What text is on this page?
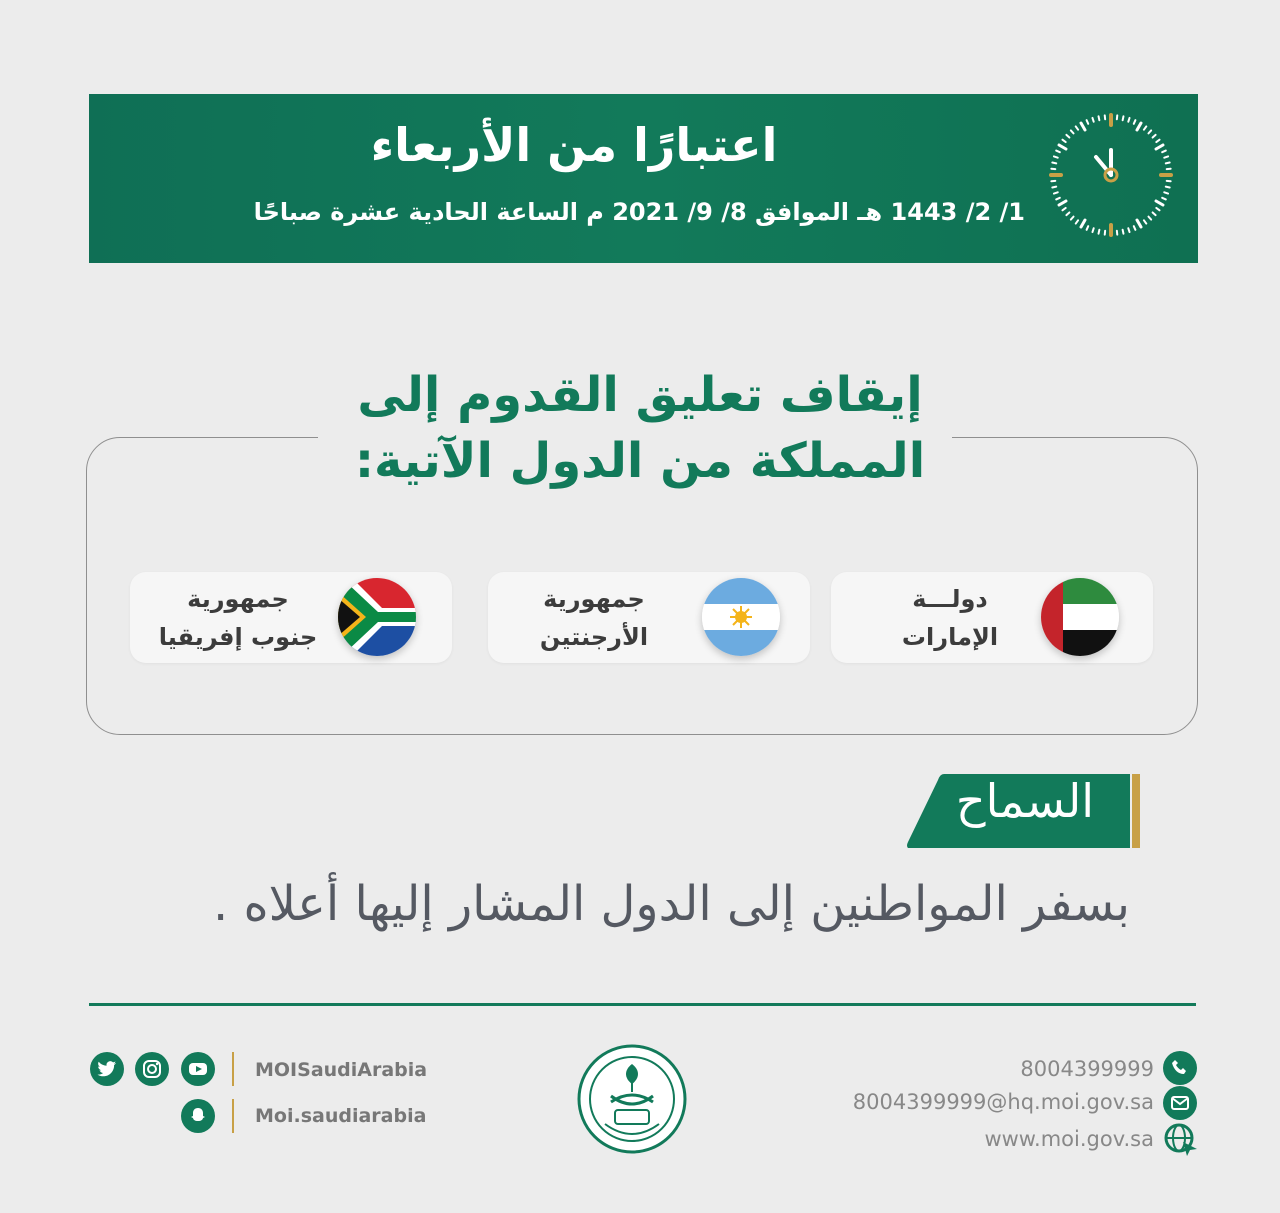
اعتبارًا من الأربعاء
1/ 2/ 1443 هـ الموافق 8/ 9/ 2021 م الساعة الحادية عشرة صباحًا
إيقاف تعليق القدوم إلى
المملكة من الدول الآتية:
دولـــة
الإمارات
جمهورية
الأرجنتين
جمهورية
جنوب إفريقيا
السماح
بسفر المواطنين إلى الدول المشار إليها أعلاه .
MOISaudiArabia
Moi.saudiarabia
8004399999
8004399999@hq.moi.gov.sa
www.moi.gov.sa
